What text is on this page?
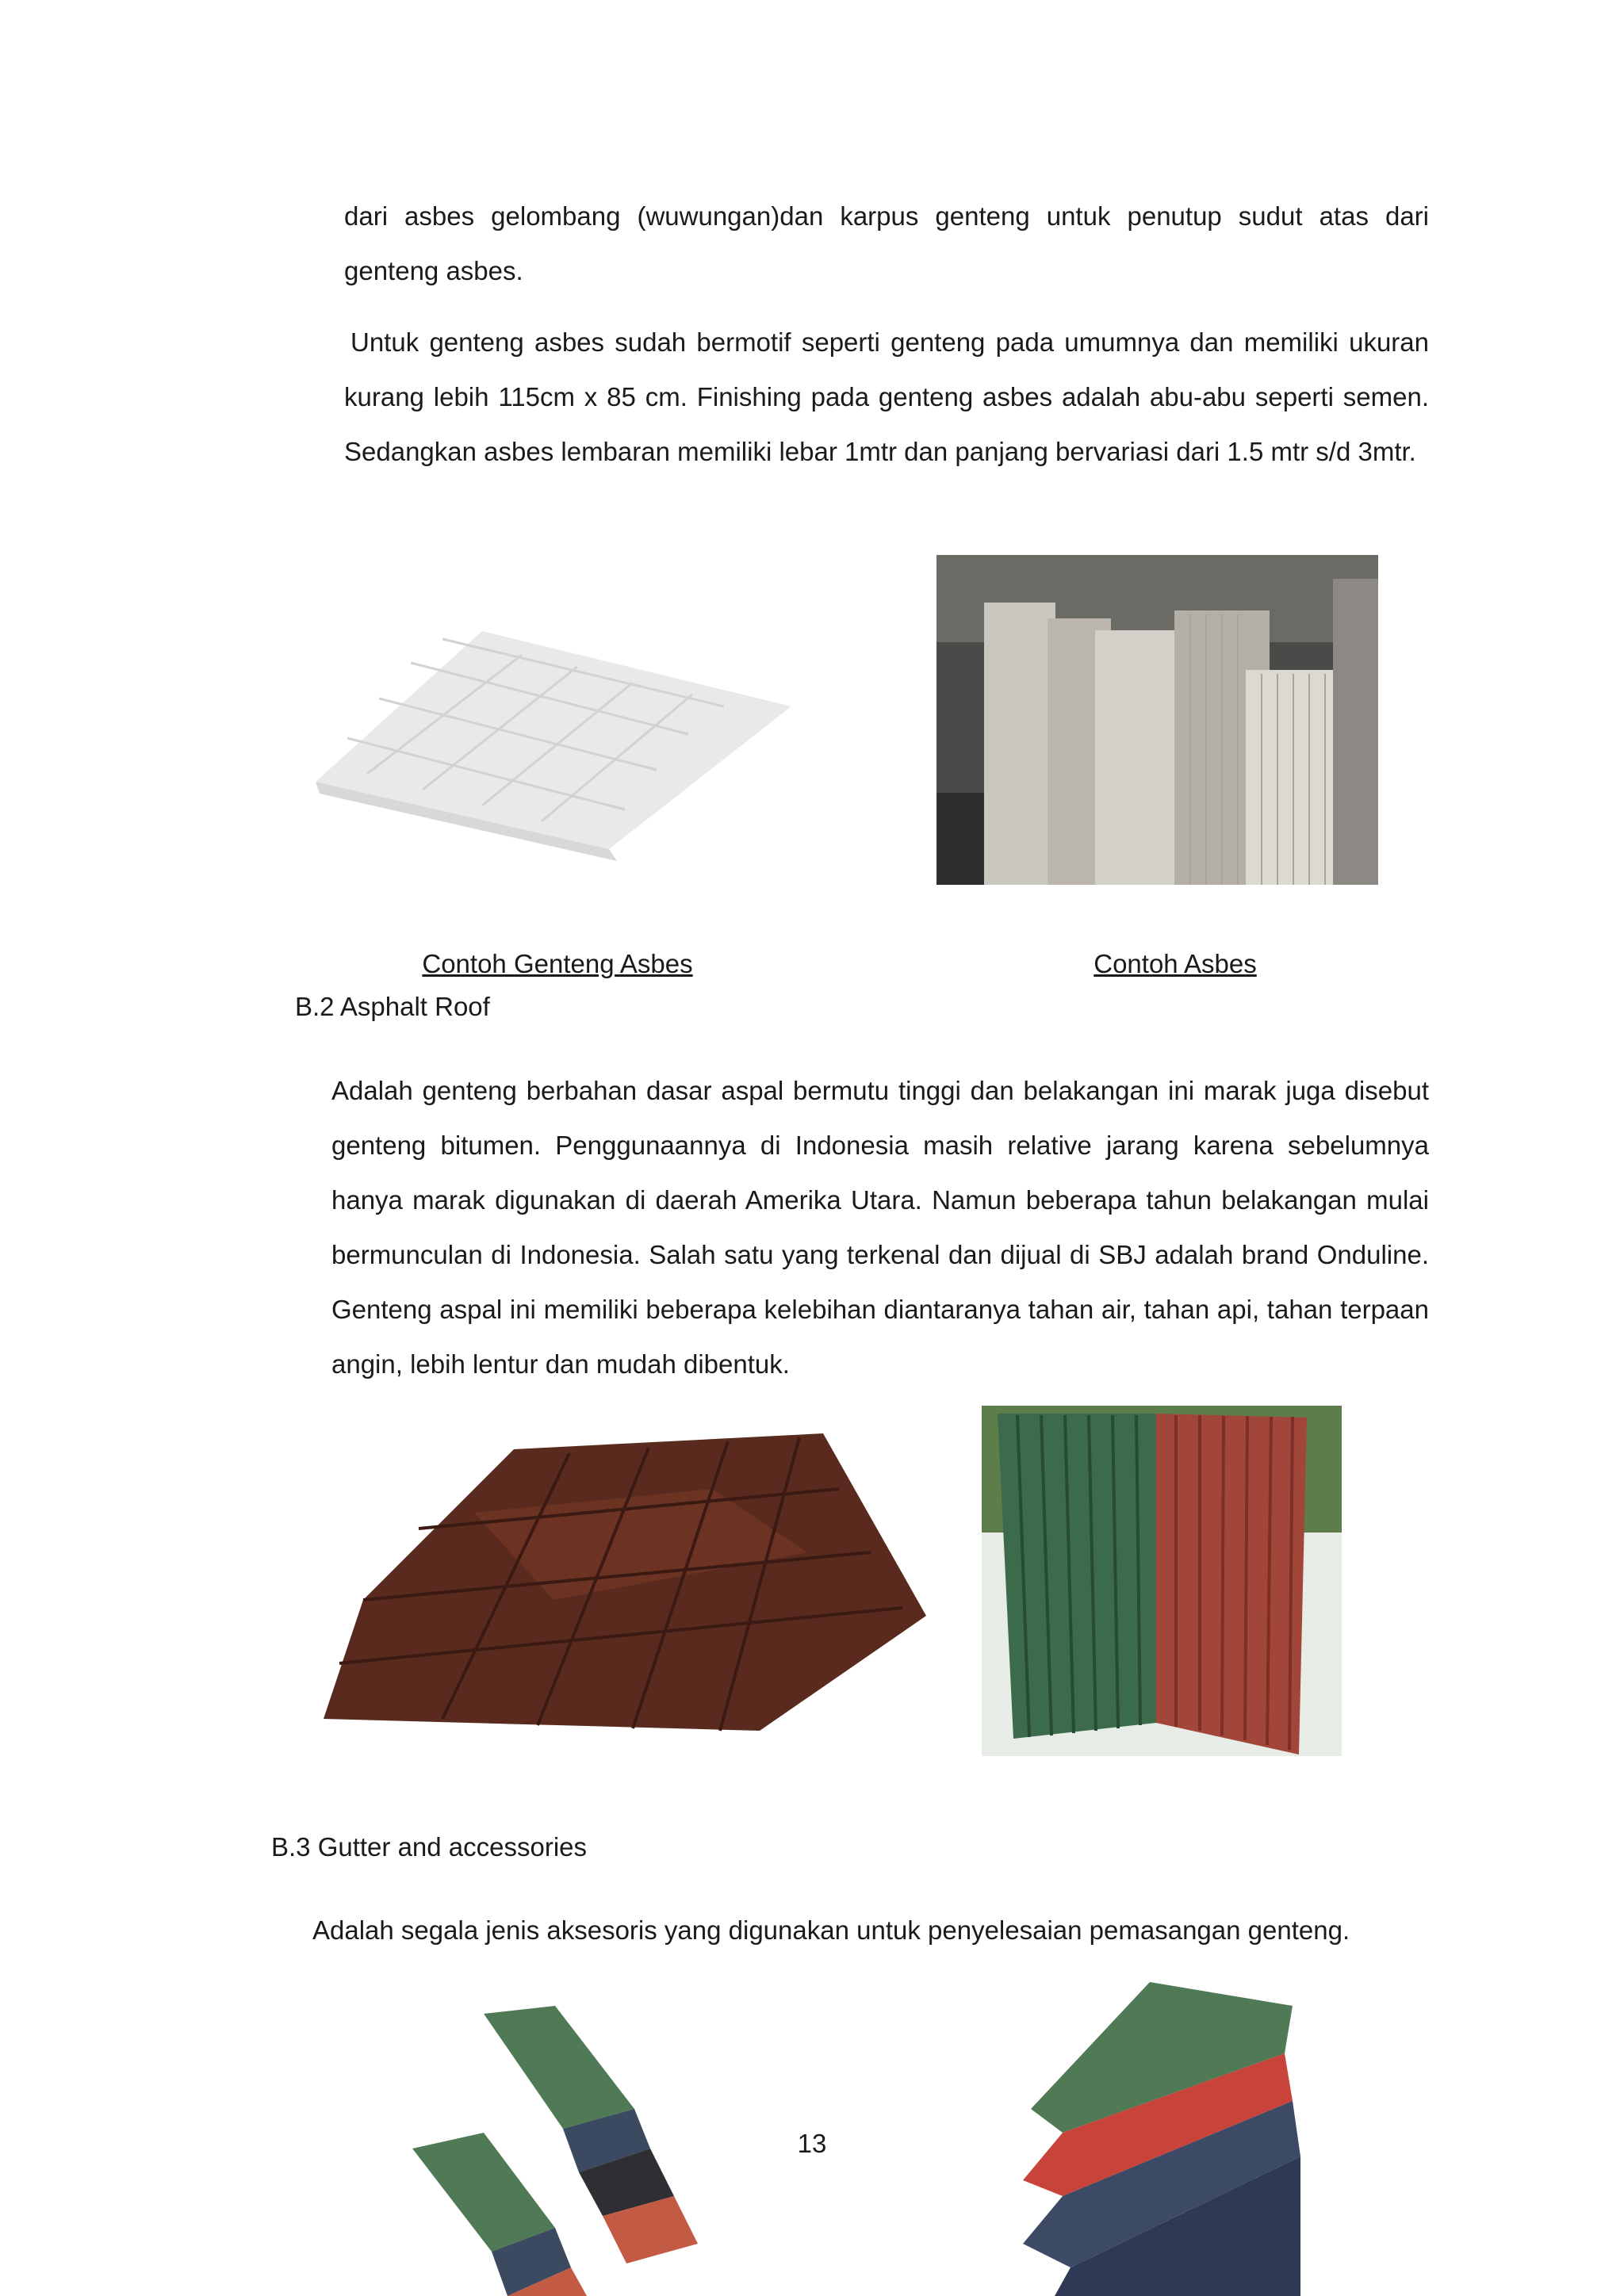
dari asbes gelombang (wuwungan)dan karpus genteng untuk penutup sudut atas dari genteng asbes.

Untuk genteng asbes sudah bermotif seperti genteng pada umumnya dan memiliki ukuran kurang lebih 115cm x 85 cm. Finishing pada genteng asbes adalah abu-abu seperti semen. Sedangkan asbes lembaran memiliki lebar 1mtr dan panjang bervariasi dari 1.5 mtr s/d 3mtr.

Contoh Genteng Asbes	Contoh Asbes
B.2 Asphalt Roof

Adalah genteng berbahan dasar aspal bermutu tinggi dan belakangan ini marak juga disebut genteng bitumen. Penggunaannya di Indonesia masih relative jarang karena sebelumnya hanya marak digunakan di daerah Amerika Utara. Namun beberapa tahun belakangan mulai bermunculan di Indonesia. Salah satu yang terkenal dan dijual di SBJ adalah brand Onduline. Genteng aspal ini memiliki beberapa kelebihan diantaranya tahan air, tahan api, tahan terpaan angin, lebih lentur dan mudah dibentuk.

B.3 Gutter and accessories

Adalah segala jenis aksesoris yang digunakan untuk penyelesaian pemasangan genteng.

13
